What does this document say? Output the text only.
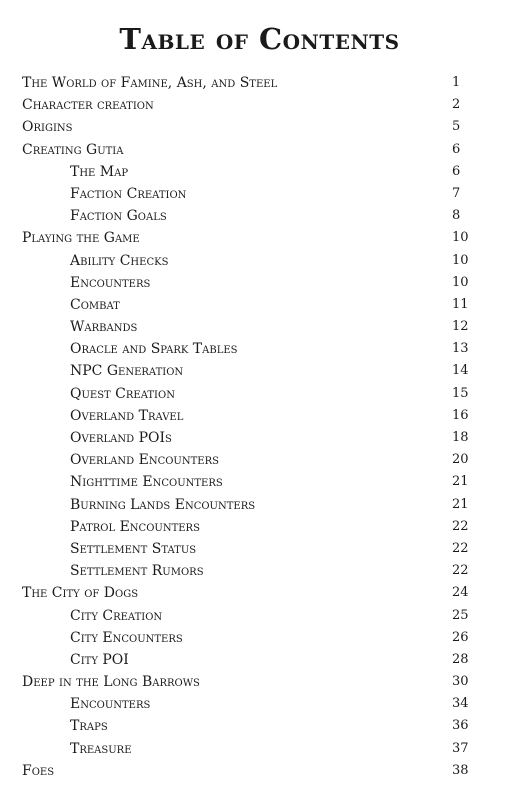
Table of Contents
The World of Famine, Ash, and Steel	1
Character creation	2
Origins	5
Creating Gutia	6
The Map	6
Faction Creation	7
Faction Goals	8
Playing the Game	10
Ability Checks	10
Encounters	10
Combat	11
Warbands	12
Oracle and Spark Tables	13
NPC Generation	14
Quest Creation	15
Overland Travel	16
Overland POIs	18
Overland Encounters	20
Nighttime Encounters	21
Burning Lands Encounters	21
Patrol Encounters	22
Settlement Status	22
Settlement Rumors	22
The City of Dogs	24
City Creation	25
City Encounters	26
City POI	28
Deep in the Long Barrows	30
Encounters	34
Traps	36
Treasure	37
Foes	38
